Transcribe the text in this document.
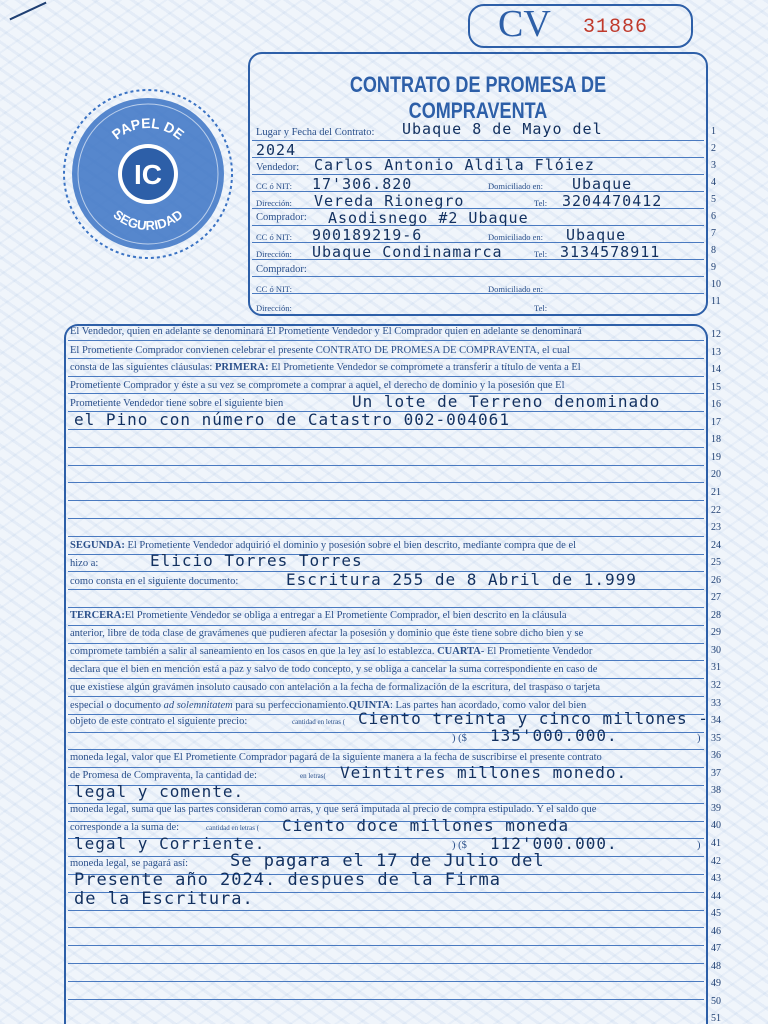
CV 31886
IC
PAPEL DE
SEGURIDAD
CONTRATO DE PROMESA DE COMPRAVENTA
Lugar y Fecha del Contrato: Ubaque 8 de Mayo del
2024
Vendedor: Carlos Antonio Aldila Flóiez
CC ó NIT: 17'306.820	Domiciliado en: Ubaque
Dirección: Vereda Rionegro	Tel: 3204470412
Comprador: Asodisnego #2 Ubaque
CC ó NIT: 900189219-6	Domiciliado en: Ubaque
Dirección: Ubaque Condinamarca	Tel: 3134578911
Comprador:
CC ó NIT:	Domiciliado en:
Dirección:	Tel:
El Vendedor, quien en adelante se denominará El Prometiente Vendedor y El Comprador quien en adelante se denominará
El Prometiente Comprador convienen celebrar el presente CONTRATO DE PROMESA DE COMPRAVENTA, el cual
consta de las siguientes cláusulas: PRIMERA: El Prometiente Vendedor se compromete a transferir a título de venta a El
Prometiente Comprador y éste a su vez se compromete a comprar a aquel, el derecho de dominio y la posesión que El
Prometiente Vendedor tiene sobre el siguiente bien	Un lote de Terreno denominado
el Pino con número de Catastro 002-004061
SEGUNDA: El Prometiente Vendedor adquirió el dominio y posesión sobre el bien descrito, mediante compra que de el
hizo a:	Elicio Torres Torres
como consta en el siguiente documento:	Escritura 255 de 8 Abril de 1.999
TERCERA:El Prometiente Vendedor se obliga a entregar a El Prometiente Comprador, el bien descrito en la cláusula
anterior, libre de toda clase de gravámenes que pudieren afectar la posesión y dominio que éste tiene sobre dicho bien y se
compromete también a salir al saneamiento en los casos en que la ley así lo establezca. CUARTA- El Prometiente Vendedor
declara que el bien en mención está a paz y salvo de todo concepto, y se obliga a cancelar la suma correspondiente en caso de
que existiese algún gravámen insoluto causado con antelación a la fecha de formalización de la escritura, del traspaso o tarjeta
especial o documento ad solemnitatem para su perfeccionamiento.QUINTA: Las partes han acordado, como valor del bien
objeto de este contrato el siguiente precio:	cantidad en letras ( Ciento treinta y cinco millones -
) ($ 135'000.000.	)
moneda legal, valor que El Prometiente Comprador pagará de la siguiente manera a la fecha de suscribirse el presente contrato
de Promesa de Compraventa, la cantidad de:	en letras( Veintitres millones monedo.
legal y comente.
moneda legal, suma que las partes consideran como arras, y que será imputada al precio de compra estipulado. Y el saldo que
corresponde a la suma de:	cantidad en letras ( Ciento doce millones moneda
legal y Corriente.	) ($ 112'000.000.	)
moneda legal, se pagará así: Se pagara el 17 de Julio del
Presente año 2024. despues de la Firma
de la Escritura.
1
2
3
4
5
6
7
8
9
10
11
12
13
14
15
16
17
18
19
20
21
22
23
24
25
26
27
28
29
30
31
32
33
34
35
36
37
38
39
40
41
42
43
44
45
46
47
48
49
50
51
